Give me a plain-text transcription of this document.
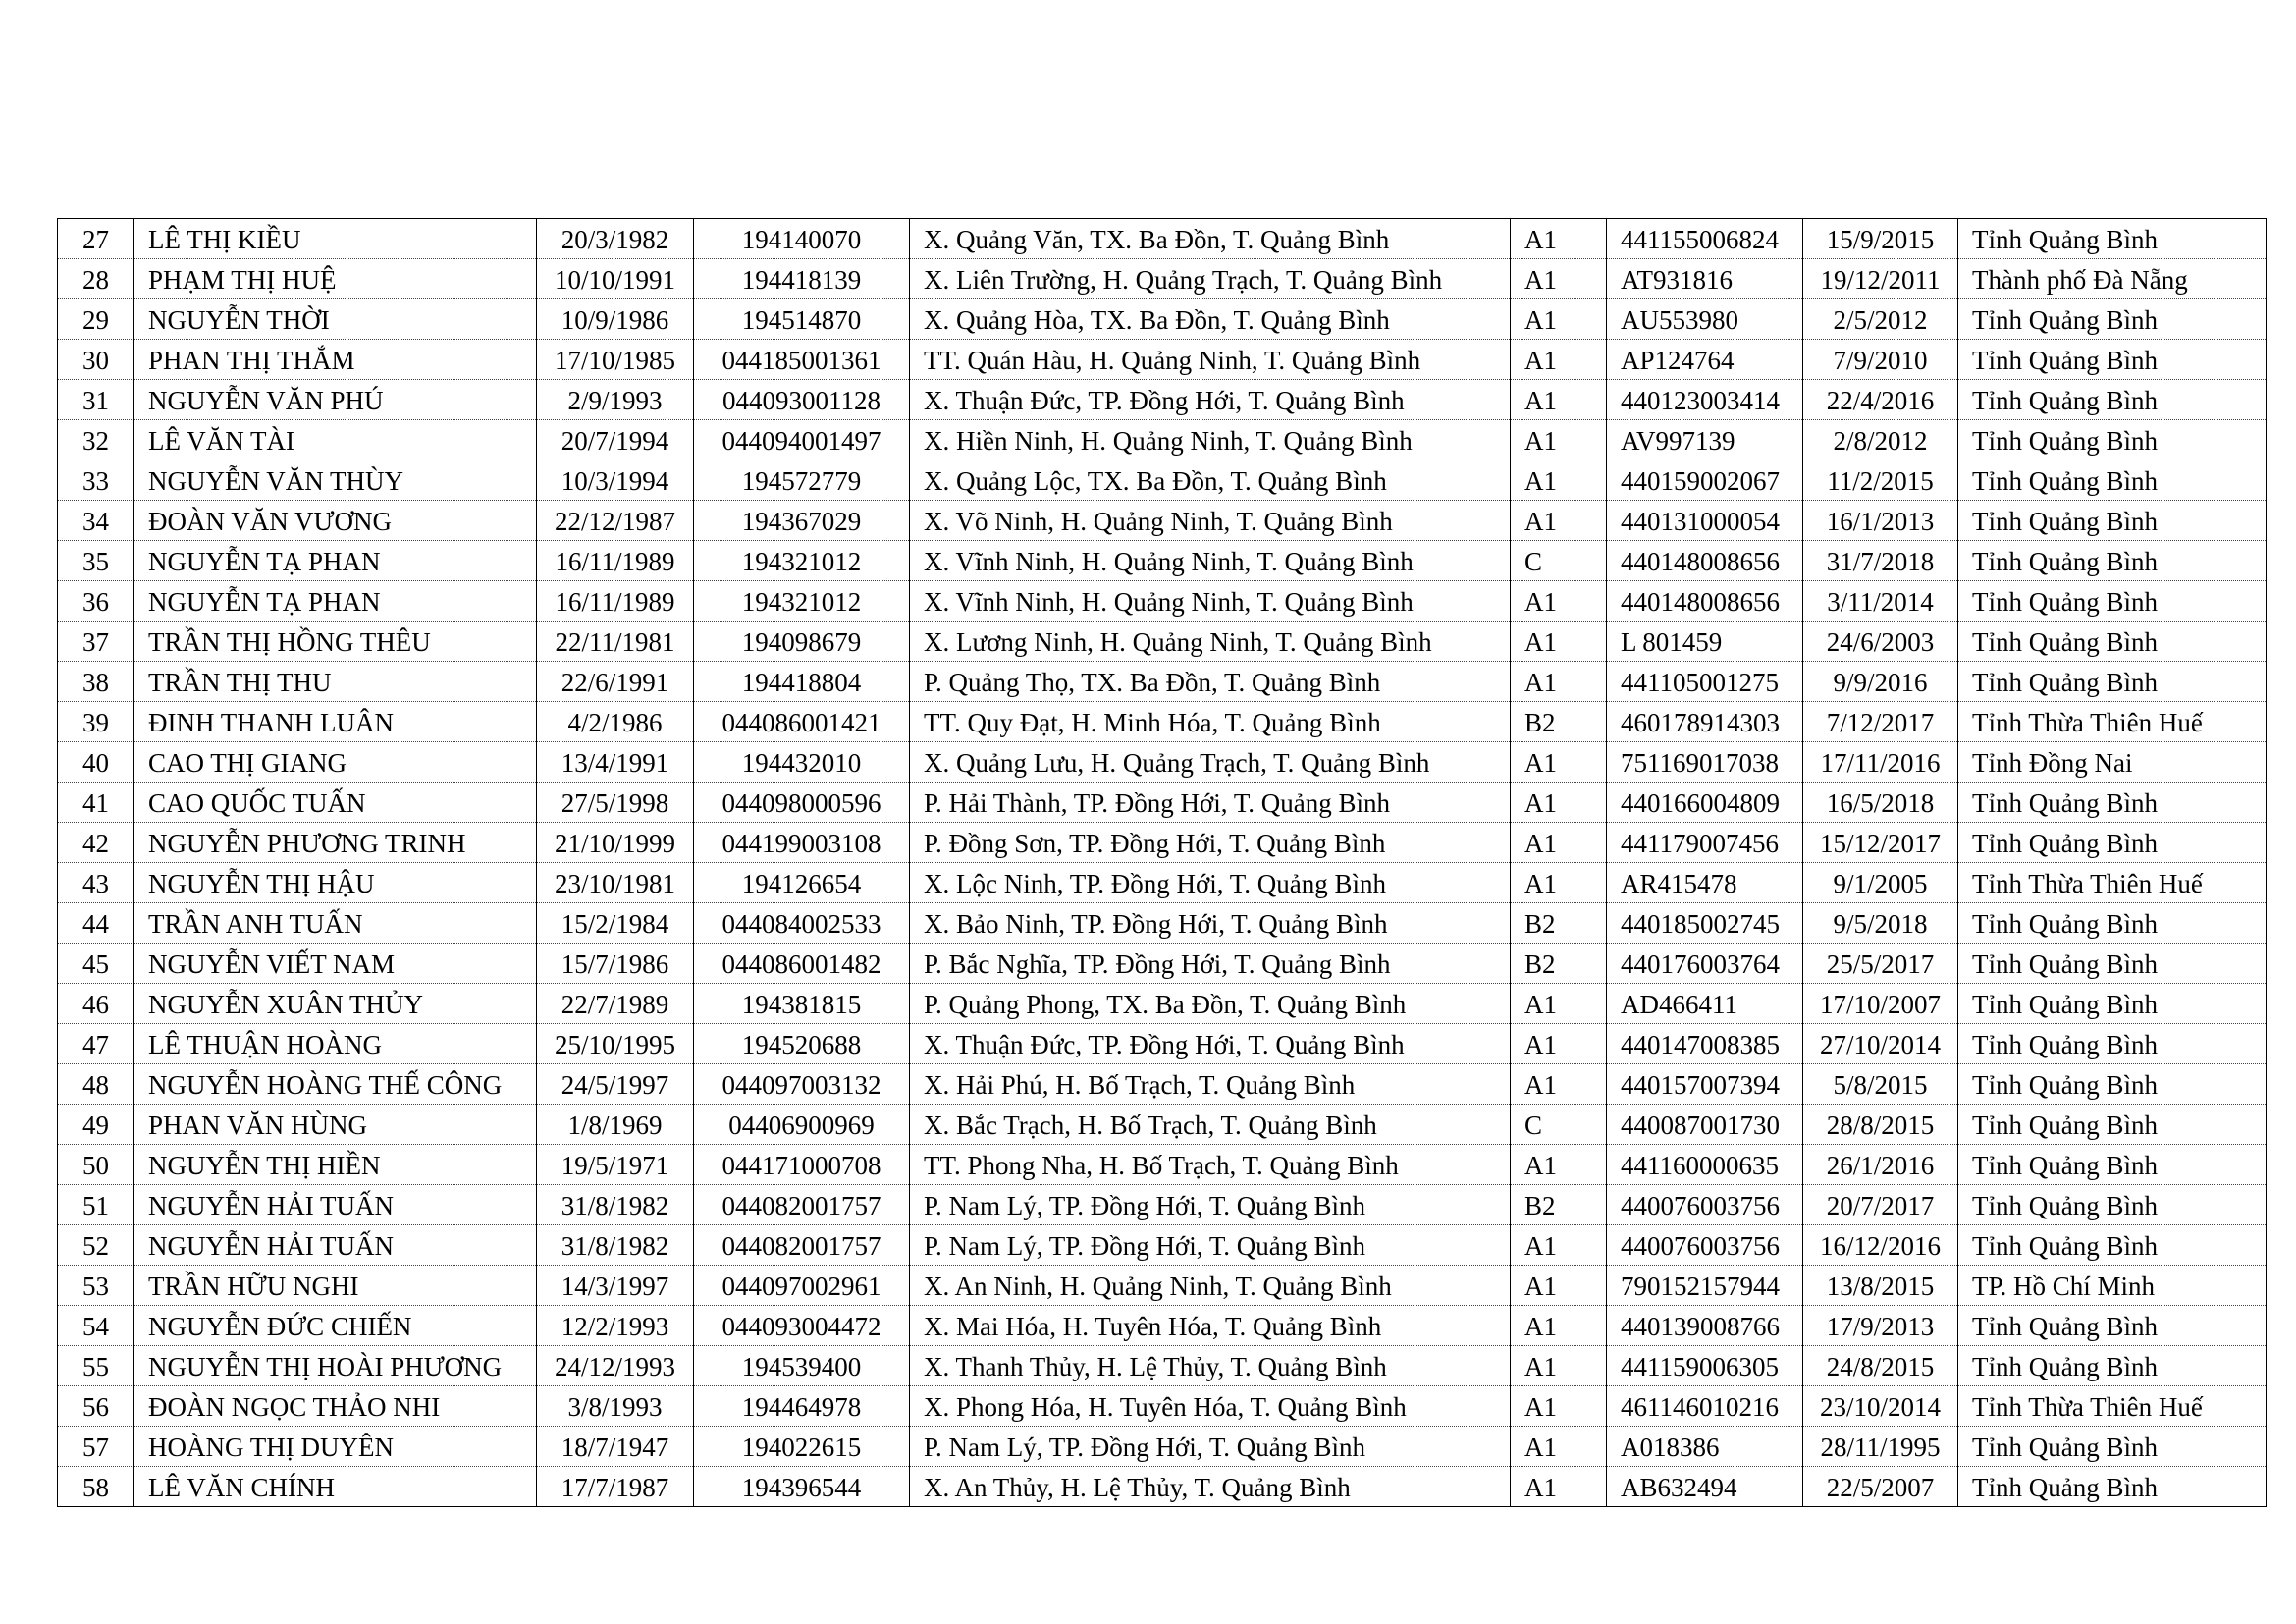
27	LÊ THỊ KIỀU	20/3/1982	194140070	X. Quảng Văn, TX. Ba Đồn, T. Quảng Bình	A1	441155006824	15/9/2015	Tỉnh Quảng Bình
28	PHẠM THỊ HUỆ	10/10/1991	194418139	X. Liên Trường, H. Quảng Trạch, T. Quảng Bình	A1	AT931816	19/12/2011	Thành phố Đà Nẵng
29	NGUYỄN THỜI	10/9/1986	194514870	X. Quảng Hòa, TX. Ba Đồn, T. Quảng Bình	A1	AU553980	2/5/2012	Tỉnh Quảng Bình
30	PHAN THỊ THẮM	17/10/1985	044185001361	TT. Quán Hàu, H. Quảng Ninh, T. Quảng Bình	A1	AP124764	7/9/2010	Tỉnh Quảng Bình
31	NGUYỄN VĂN PHÚ	2/9/1993	044093001128	X. Thuận Đức, TP. Đồng Hới, T. Quảng Bình	A1	440123003414	22/4/2016	Tỉnh Quảng Bình
32	LÊ VĂN TÀI	20/7/1994	044094001497	X. Hiền Ninh, H. Quảng Ninh, T. Quảng Bình	A1	AV997139	2/8/2012	Tỉnh Quảng Bình
33	NGUYỄN VĂN THÙY	10/3/1994	194572779	X. Quảng Lộc, TX. Ba Đồn, T. Quảng Bình	A1	440159002067	11/2/2015	Tỉnh Quảng Bình
34	ĐOÀN VĂN VƯƠNG	22/12/1987	194367029	X. Võ Ninh, H. Quảng Ninh, T. Quảng Bình	A1	440131000054	16/1/2013	Tỉnh Quảng Bình
35	NGUYỄN TẠ PHAN	16/11/1989	194321012	X. Vĩnh Ninh, H. Quảng Ninh, T. Quảng Bình	C	440148008656	31/7/2018	Tỉnh Quảng Bình
36	NGUYỄN TẠ PHAN	16/11/1989	194321012	X. Vĩnh Ninh, H. Quảng Ninh, T. Quảng Bình	A1	440148008656	3/11/2014	Tỉnh Quảng Bình
37	TRẦN THỊ HỒNG THÊU	22/11/1981	194098679	X. Lương Ninh, H. Quảng Ninh, T. Quảng Bình	A1	L 801459	24/6/2003	Tỉnh Quảng Bình
38	TRẦN THỊ THU	22/6/1991	194418804	P. Quảng Thọ, TX. Ba Đồn, T. Quảng Bình	A1	441105001275	9/9/2016	Tỉnh Quảng Bình
39	ĐINH THANH LUÂN	4/2/1986	044086001421	TT. Quy Đạt, H. Minh Hóa, T. Quảng Bình	B2	460178914303	7/12/2017	Tỉnh Thừa Thiên Huế
40	CAO THỊ GIANG	13/4/1991	194432010	X. Quảng Lưu, H. Quảng Trạch, T. Quảng Bình	A1	751169017038	17/11/2016	Tỉnh Đồng Nai
41	CAO QUỐC TUẤN	27/5/1998	044098000596	P. Hải Thành, TP. Đồng Hới, T. Quảng Bình	A1	440166004809	16/5/2018	Tỉnh Quảng Bình
42	NGUYỄN PHƯƠNG TRINH	21/10/1999	044199003108	P. Đồng Sơn, TP. Đồng Hới, T. Quảng Bình	A1	441179007456	15/12/2017	Tỉnh Quảng Bình
43	NGUYỄN THỊ HẬU	23/10/1981	194126654	X. Lộc Ninh, TP. Đồng Hới, T. Quảng Bình	A1	AR415478	9/1/2005	Tỉnh Thừa Thiên Huế
44	TRẦN ANH TUẤN	15/2/1984	044084002533	X. Bảo Ninh, TP. Đồng Hới, T. Quảng Bình	B2	440185002745	9/5/2018	Tỉnh Quảng Bình
45	NGUYỄN VIẾT NAM	15/7/1986	044086001482	P. Bắc Nghĩa, TP. Đồng Hới, T. Quảng Bình	B2	440176003764	25/5/2017	Tỉnh Quảng Bình
46	NGUYỄN XUÂN THỦY	22/7/1989	194381815	P. Quảng Phong, TX. Ba Đồn, T. Quảng Bình	A1	AD466411	17/10/2007	Tỉnh Quảng Bình
47	LÊ THUẬN HOÀNG	25/10/1995	194520688	X. Thuận Đức, TP. Đồng Hới, T. Quảng Bình	A1	440147008385	27/10/2014	Tỉnh Quảng Bình
48	NGUYỄN HOÀNG THẾ CÔNG	24/5/1997	044097003132	X. Hải Phú, H. Bố Trạch, T. Quảng Bình	A1	440157007394	5/8/2015	Tỉnh Quảng Bình
49	PHAN VĂN HÙNG	1/8/1969	04406900969	X. Bắc Trạch, H. Bố Trạch, T. Quảng Bình	C	440087001730	28/8/2015	Tỉnh Quảng Bình
50	NGUYỄN THỊ HIỀN	19/5/1971	044171000708	TT. Phong Nha, H. Bố Trạch, T. Quảng Bình	A1	441160000635	26/1/2016	Tỉnh Quảng Bình
51	NGUYỄN HẢI TUẤN	31/8/1982	044082001757	P. Nam Lý, TP. Đồng Hới, T. Quảng Bình	B2	440076003756	20/7/2017	Tỉnh Quảng Bình
52	NGUYỄN HẢI TUẤN	31/8/1982	044082001757	P. Nam Lý, TP. Đồng Hới, T. Quảng Bình	A1	440076003756	16/12/2016	Tỉnh Quảng Bình
53	TRẦN HỮU NGHI	14/3/1997	044097002961	X. An Ninh, H. Quảng Ninh, T. Quảng Bình	A1	790152157944	13/8/2015	TP. Hồ Chí Minh
54	NGUYỄN ĐỨC CHIẾN	12/2/1993	044093004472	X. Mai Hóa, H. Tuyên Hóa, T. Quảng Bình	A1	440139008766	17/9/2013	Tỉnh Quảng Bình
55	NGUYỄN THỊ HOÀI PHƯƠNG	24/12/1993	194539400	X. Thanh Thủy, H. Lệ Thủy, T. Quảng Bình	A1	441159006305	24/8/2015	Tỉnh Quảng Bình
56	ĐOÀN NGỌC THẢO NHI	3/8/1993	194464978	X. Phong Hóa, H. Tuyên Hóa, T. Quảng Bình	A1	461146010216	23/10/2014	Tỉnh Thừa Thiên Huế
57	HOÀNG THỊ DUYÊN	18/7/1947	194022615	P. Nam Lý, TP. Đồng Hới, T. Quảng Bình	A1	A018386	28/11/1995	Tỉnh Quảng Bình
58	LÊ VĂN CHÍNH	17/7/1987	194396544	X. An Thủy, H. Lệ Thủy, T. Quảng Bình	A1	AB632494	22/5/2007	Tỉnh Quảng Bình
